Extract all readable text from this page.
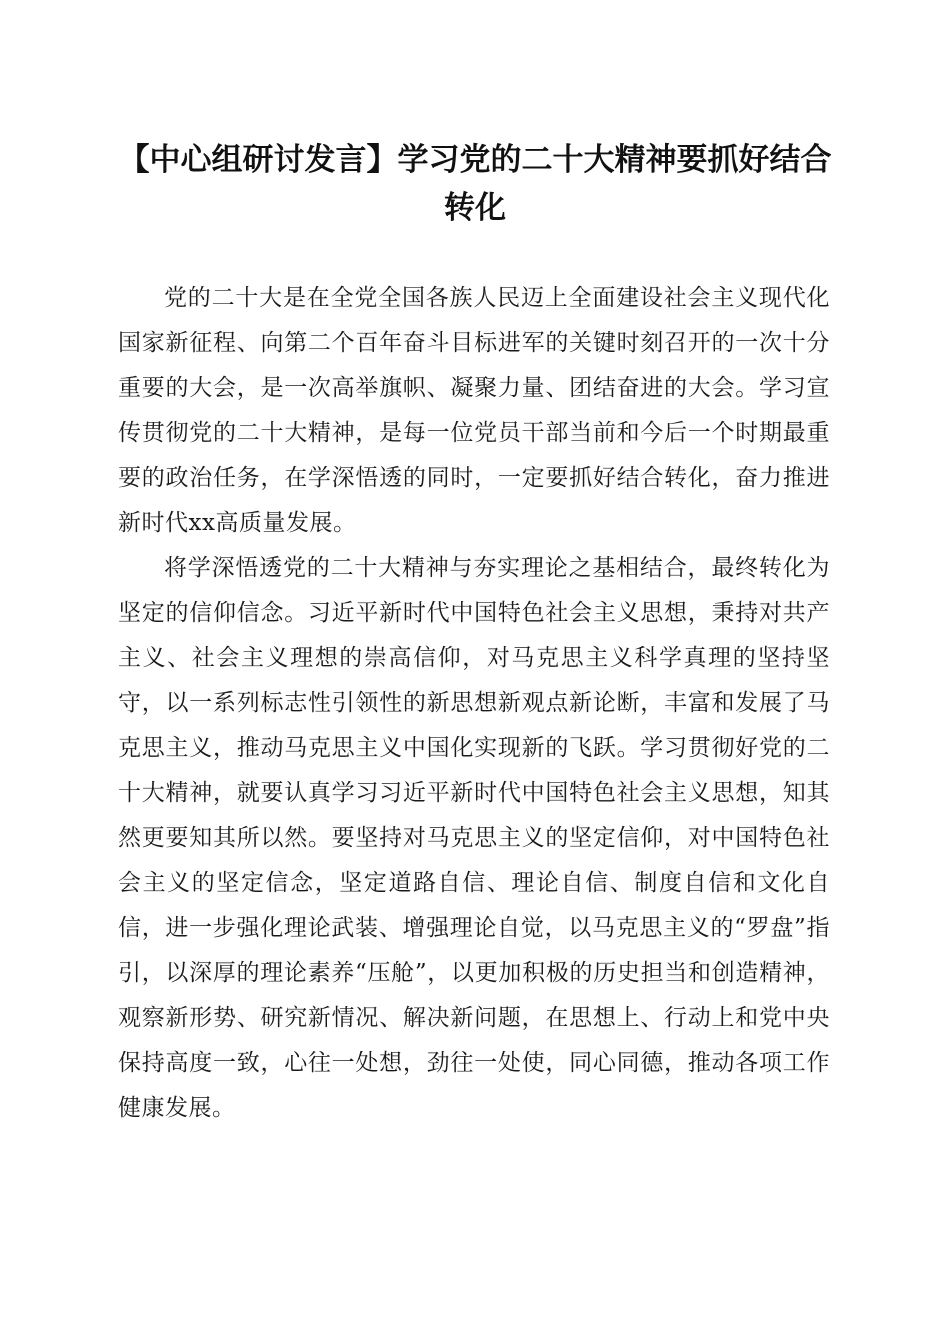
【中心组研讨发言】学习党的二十大精神要抓好结合转化

党的二十大是在全党全国各族人民迈上全面建设社会主义现代化国家新征程、向第二个百年奋斗目标进军的关键时刻召开的一次十分重要的大会，是一次高举旗帜、凝聚力量、团结奋进的大会。学习宣传贯彻党的二十大精神，是每一位党员干部当前和今后一个时期最重要的政治任务，在学深悟透的同时，一定要抓好结合转化，奋力推进新时代xx高质量发展。

将学深悟透党的二十大精神与夯实理论之基相结合，最终转化为坚定的信仰信念。习近平新时代中国特色社会主义思想，秉持对共产主义、社会主义理想的崇高信仰，对马克思主义科学真理的坚持坚守，以一系列标志性引领性的新思想新观点新论断，丰富和发展了马克思主义，推动马克思主义中国化实现新的飞跃。学习贯彻好党的二十大精神，就要认真学习习近平新时代中国特色社会主义思想，知其然更要知其所以然。要坚持对马克思主义的坚定信仰，对中国特色社会主义的坚定信念，坚定道路自信、理论自信、制度自信和文化自信，进一步强化理论武装、增强理论自觉，以马克思主义的“罗盘”指引，以深厚的理论素养“压舱”，以更加积极的历史担当和创造精神，观察新形势、研究新情况、解决新问题，在思想上、行动上和党中央保持高度一致，心往一处想，劲往一处使，同心同德，推动各项工作健康发展。
